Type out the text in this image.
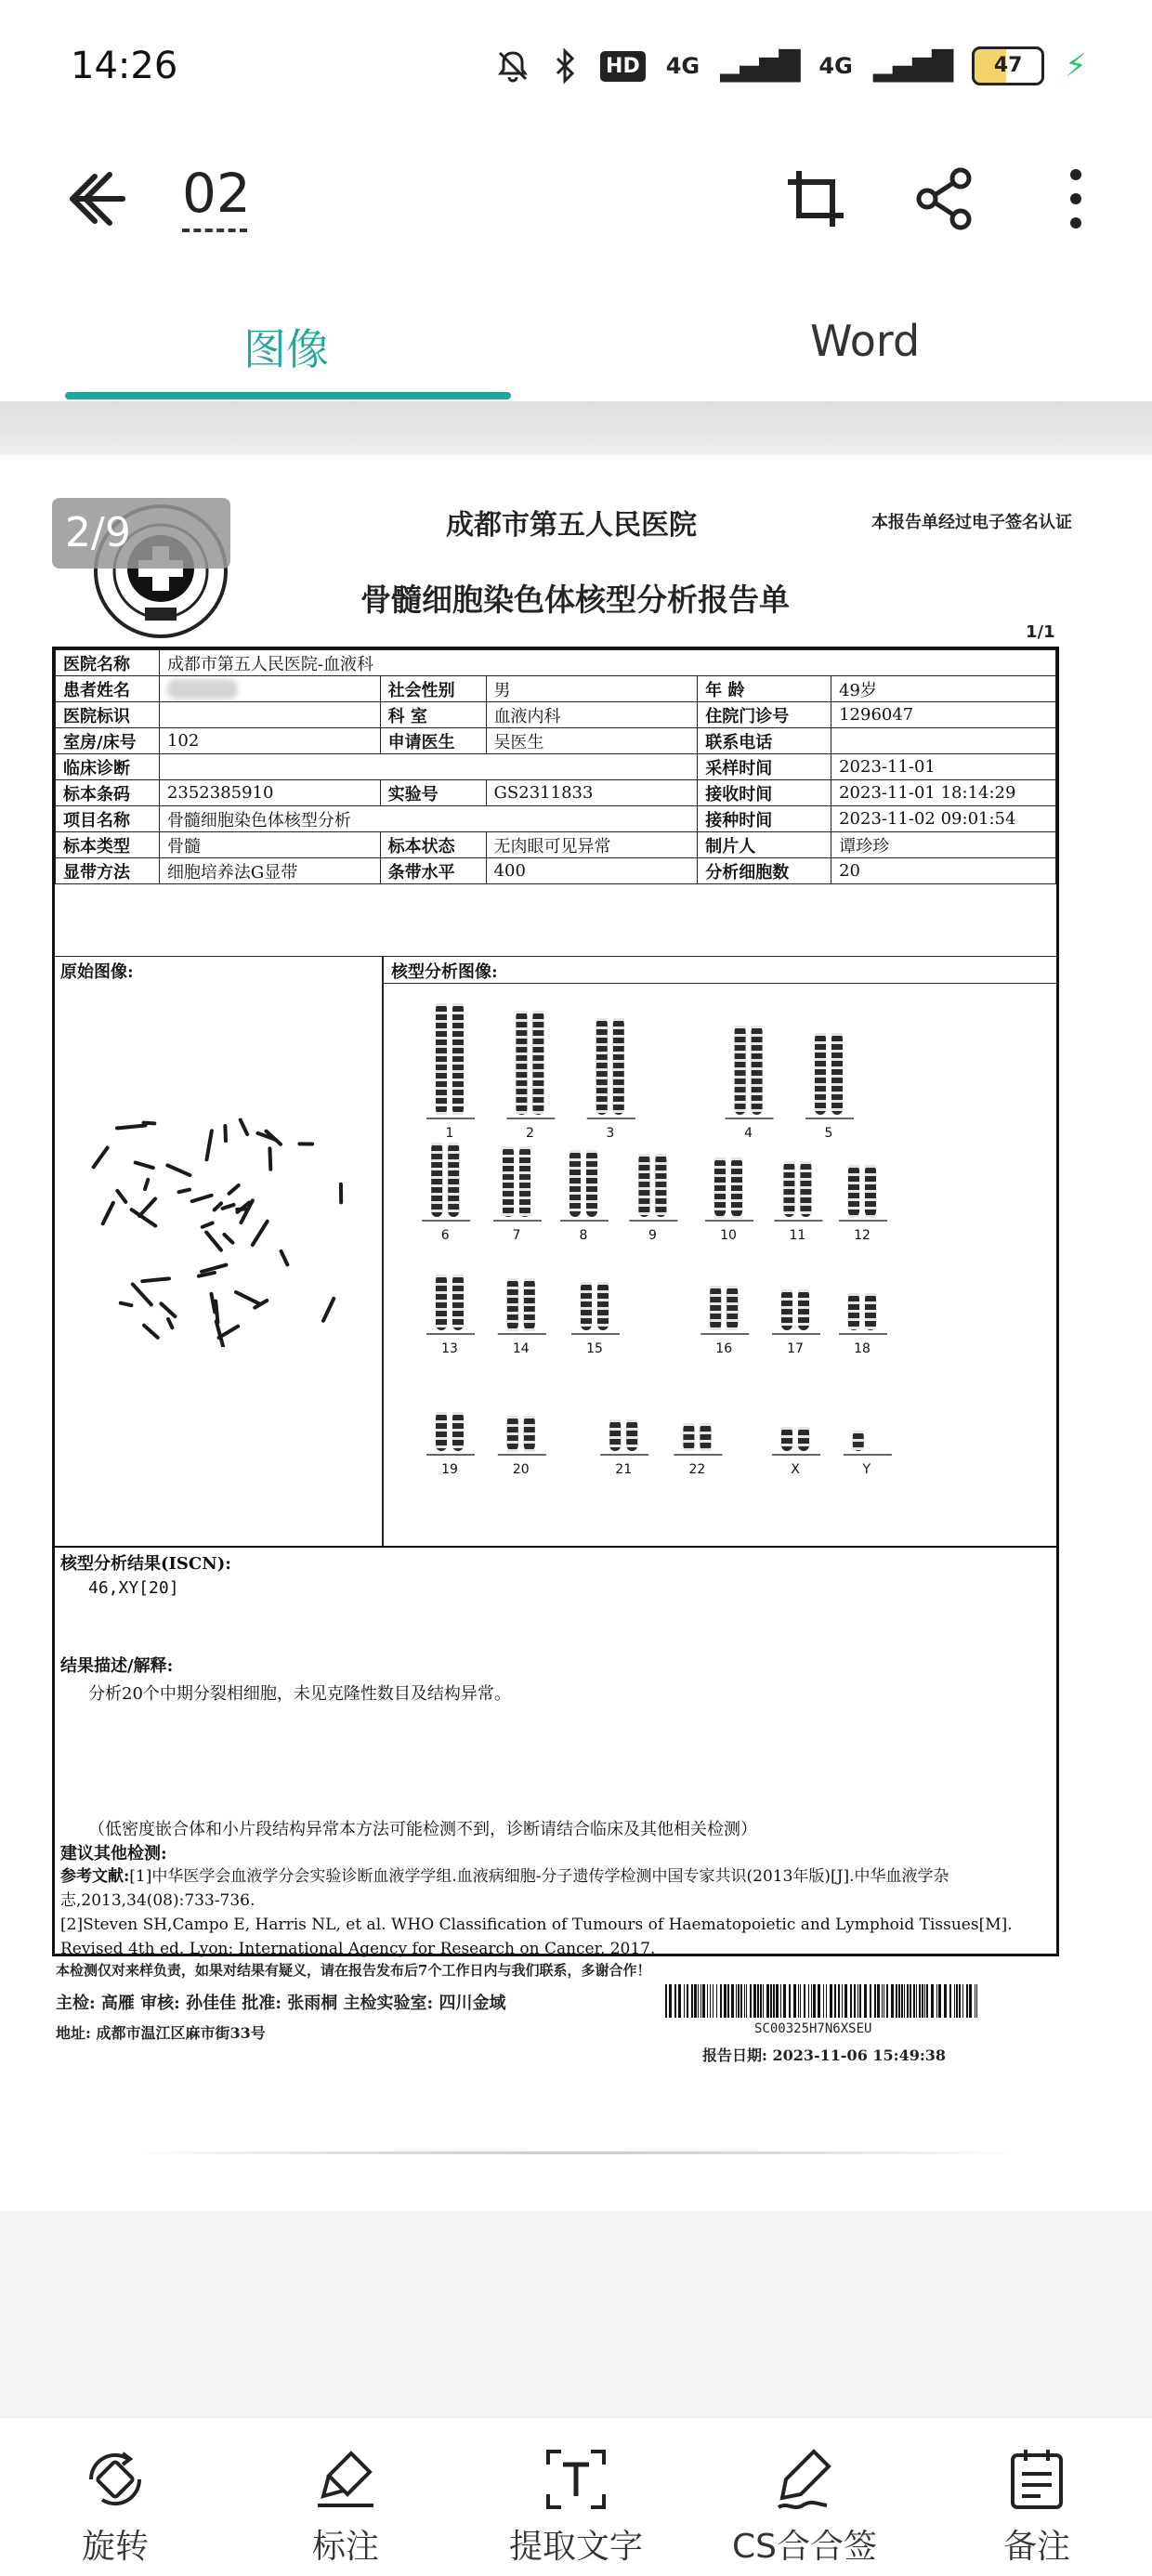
14:26	HD 4G ▂▄▆█ 4G ▂▄▆█	47	⚡
02
图像	Word
2/9	成都市第五人民医院	本报告单经过电子签名认证
骨髓细胞染色体核型分析报告单
1/1
医院名称	成都市第五人民医院-血液科				
患者姓名		社会性别	男	年 龄	49岁
医院标识		科 室	血液内科	住院门诊号	1296047
室房/床号	102	申请医生	吴医生	联系电话	
临床诊断				采样时间	2023-11-01
标本条码	2352385910	实验号	GS2311833	接收时间	2023-11-01 18:14:29
项目名称	骨髓细胞染色体核型分析			接种时间	2023-11-02 09:01:54
标本类型	骨髓	标本状态	无肉眼可见异常	制片人	谭珍珍
显带方法	细胞培养法G显带	条带水平	400	分析细胞数	20
原始图像:	核型分析图像:
1	2	3	4	5
6	7	8	9	10	11	12
13	14	15	16	17	18
19	20	21	22	X	Y
核型分析结果(ISCN):
46,XY[20]
结果描述/解释:
分析20个中期分裂相细胞，未见克隆性数目及结构异常。
（低密度嵌合体和小片段结构异常本方法可能检测不到，诊断请结合临床及其他相关检测）
建议其他检测:
参考文献:[1]中华医学会血液学分会实验诊断血液学学组.血液病细胞-分子遗传学检测中国专家共识(2013年版)[J].中华血液学杂志,2013,34(08):733-736.
[2]Steven SH,Campo E, Harris NL, et al. WHO Classification of Tumours of Haematopoietic and Lymphoid Tissues[M]. Revised 4th ed. Lyon: International Agency for Research on Cancer, 2017.
本检测仅对来样负责，如果对结果有疑义，请在报告发布后7个工作日内与我们联系，多谢合作！
主检: 高雁 审核: 孙佳佳 批准: 张雨桐 主检实验室: 四川金域
地址: 成都市温江区麻市街33号	SC00325H7N6XSEU
报告日期: 2023-11-06 15:49:38
旋转	标注	提取文字	CS合合签	备注
